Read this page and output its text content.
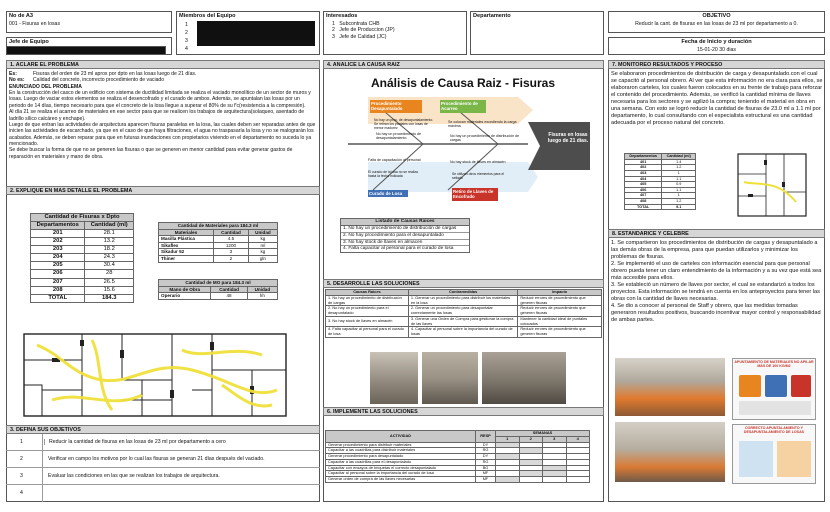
No de A3
001 - Fisuras en losas
Jefe de Equipo
Miembros del Equipo
1
2
3
4
Interesados
1 Subcontrata CHB
2 Jefe de Produccion (JP)
3 Jefe de Calidad (JC)
Departamento	OBJETIVO
Reducir la cant. de fisuras en las losas de 23 ml por departamento a 0.
Fecha de Inicio y duración
15-01-20 30 dias
1. ACLARE EL PROBLEMA
Es:	Fisuras del orden de 23 ml aprox por dpto en las losas luego de 21 días.
No es: Calidad del concreto, incorrecto procedimiento de vaciado
ENUNCIADO DEL PROBLEMA
En la construcción del casco de un edificio con sistema de ductilidad limitada se realiza el vaciado monolítico de un sector de muros y losas. Luego de vaciar estos elementos se realiza el desencofrado y el curado de ambos. Además, se apuntalan las losas por un periodo de 14 días, tiempo necesario para que el concreto de la losa llegue a superar el 80% de su f'c(resistencia a la compresión).
Al día 21 se realiza el acarreo de materiales en ese sector para que se realicen los trabajos de arquitectura(solaqueo, asentado de ladrillo sílico calcáreo y enchape).
Luego de que entran las actividades de arquitectura aparecen fisuras paralelas en la losa, las cuales deben ser reparadas antes de que inicien las actividades de escarchado, ya que en el caso de que haya filtraciones, el agua no traspasaría la losa y no se malograrán los acabados. Además, se deben reparar para que en futuras inundaciones con propietarios viviendo en el departamento no suceda lo ya mencionado.
Se debe buscar la forma de que no se generen las fisuras o que se generen en menor cantidad para evitar generar gastos de reparación en materiales y mano de obra.
2. EXPLIQUE EN MAS DETALLE EL PROBLEMA
Cantidad de Fisuras x Dpto	
Departamentos	Cantidad (ml)
201	28.1
202	13.2
203	18.2
204	24.3
205	30.4
206	28
207	26.5
208	15.6
TOTAL	184.3
Cantidad de Materiales para 184.3 ml		
Materiales	Cantidad	Unidad
Masilla Plástica	4.5	kg
Sikaflex	1200	ml
Sikadur 52	3	kg
Thiner	2	gln
Cantidad de MO para 184.3 ml		
Mano de Obra	Cantidad	Unidad
Operario	48	hh
3. DEFINA SUS OBJETIVOS
1	Reducir la cantidad de fisuras en las losas de 23 ml por departamento a cero
2	Verificar en campo los motivos por lo cual las fisuras se generan 21 días después del vaciado.
3	Evaluar las condiciones en las que se realizan los trabajos de arquitectura.
4
4. ANALICE LA CAUSA RAIZ
Análisis de Causa Raiz - Fisuras
Procedimiento Desapuntalado
Procedimiento de Acarreo
Curado de Losa	Retiro de Llaves de Encofrado
No hay un procedimiento de desapuntalamiento.
No hay un proc. de desapuntalamiento. Se retiran los puntales con losas de menor madurez
Se colocan materiales excediendo la carga máxima
No hay un procedimiento de distribución de cargas
Falta de capacitación al personal
El curado de la losa no se realiza hasta la fecha indicada
No hay stock de llaves en almacén
Se utilizan otros elementos para el sellado
Fisuras en losas luego de 21 días.
Listado de Causas Raices
1. No hay un procedimiento de distribución de cargas
2. No hay procedimiento para el desapuntalado
3. No hay stock de llaves en almacen
4. Falta capacitar al personal para el curado de losa
5. DESARROLLE LAS SOLUCIONES
Causas Raices	Contramedidas	Impacto
1. No hay un procedimiento de distribución de cargas	1. Generar un procedimiento para distribuir los materiales en la losa	Reducir errores de procedimiento que generen fisuras
2. No hay un procedimiento para el desapuntalado	2. Generar un procedimiento para desapuntalar correctamente las losas	Reducir errores de procedimiento que generen fisuras
3. No hay stock de llaves en almacén	3. Generar una Orden de Compra para gestionar la compra de las llaves	Mantener la cantidad ideal de puntales colocados
4. Falta capacitar al personal para el curado de losa	4. Capacitar al personal sobre la importancia del curado de losas	Reducir errores de procedimiento que generen fisuras
6. IMPLEMENTE LAS SOLUCIONES
ACTIVIDAD	RESP	SEMANAS			
		1	2	3	4
Generar procedimiento para distribuir materiales	DY				
Capacitar a las cuadrillas para distribuir materiales	RG				
Generar procedimiento para desapuntalado	DY				
Capacitar a las cuadrillas para el desapuntalado	RG				
Capacitar con ensayos de briquetas el correcto desapuntalado	BG				
Capacitar al personal sobre la importancia del curado de losa	MF				
Generar orden de compra de las llaves necesarias	MF				
7. MONITOREO RESULTADOS Y PROCESO
Se elaboraron procedimientos de distribución de carga y desapuntalado.con el cual se capacitó al personal obrero. Al ver que esta información no era clara para ellos, se elaboraron carteles, los cuales fueron colocados en su frente de trabajo para reforzar el contenido del procedimiento. Además, se verificó la cantidad mínima de llaves necesaria para los sectores y se agilizó la compra; teniendo el material en obra en una semana. Con esto se logró reducir la cantidad de fisuras de 23.0 ml a 1.1 ml por departamento, lo cual consultando con el especialista estructural es una cantidad adecuada por el proceso natural del concreto.
Departamentos	Cantidad (ml)
401	1.4
402	1.2
403	1
404	1.1
405	0.9
406	1.1
407	1
408	1.2
TOTAL	9.1
8. ESTANDARICE Y CELEBRE
1. Se compartieron los procedimientos de distribución de cargas y desapuntalado a las demás obras de la empresa, para que puedan utilizarlos y minimizar los problemas de fisuras.
2. Se implementó el uso de carteles con información esencial para que personal obrero pueda tener un claro entendimiento de la información y a su vez que está sea más accesible para ellos.
3. Se estableció un número de llaves por sector, el cual se estandarizó a todos los proyectos. Esta información se tendrá en cuenta en los anteproyectos para tener las obras con la cantidad de llaves necesarias.
4. Se dio a conocer al personal de Staff y obrero, que las medidas tomadas generaron resultados positivos, buscando incentivar mayor control y responsabilidad de ambas partes.
APUNTAMIENTO DE MATERIALES NO APILAR MÁS DE 100 KG/M2
CORRECTO APUNTALAMIENTO Y DESAPUNTALAMIENTO DE LOSAS
